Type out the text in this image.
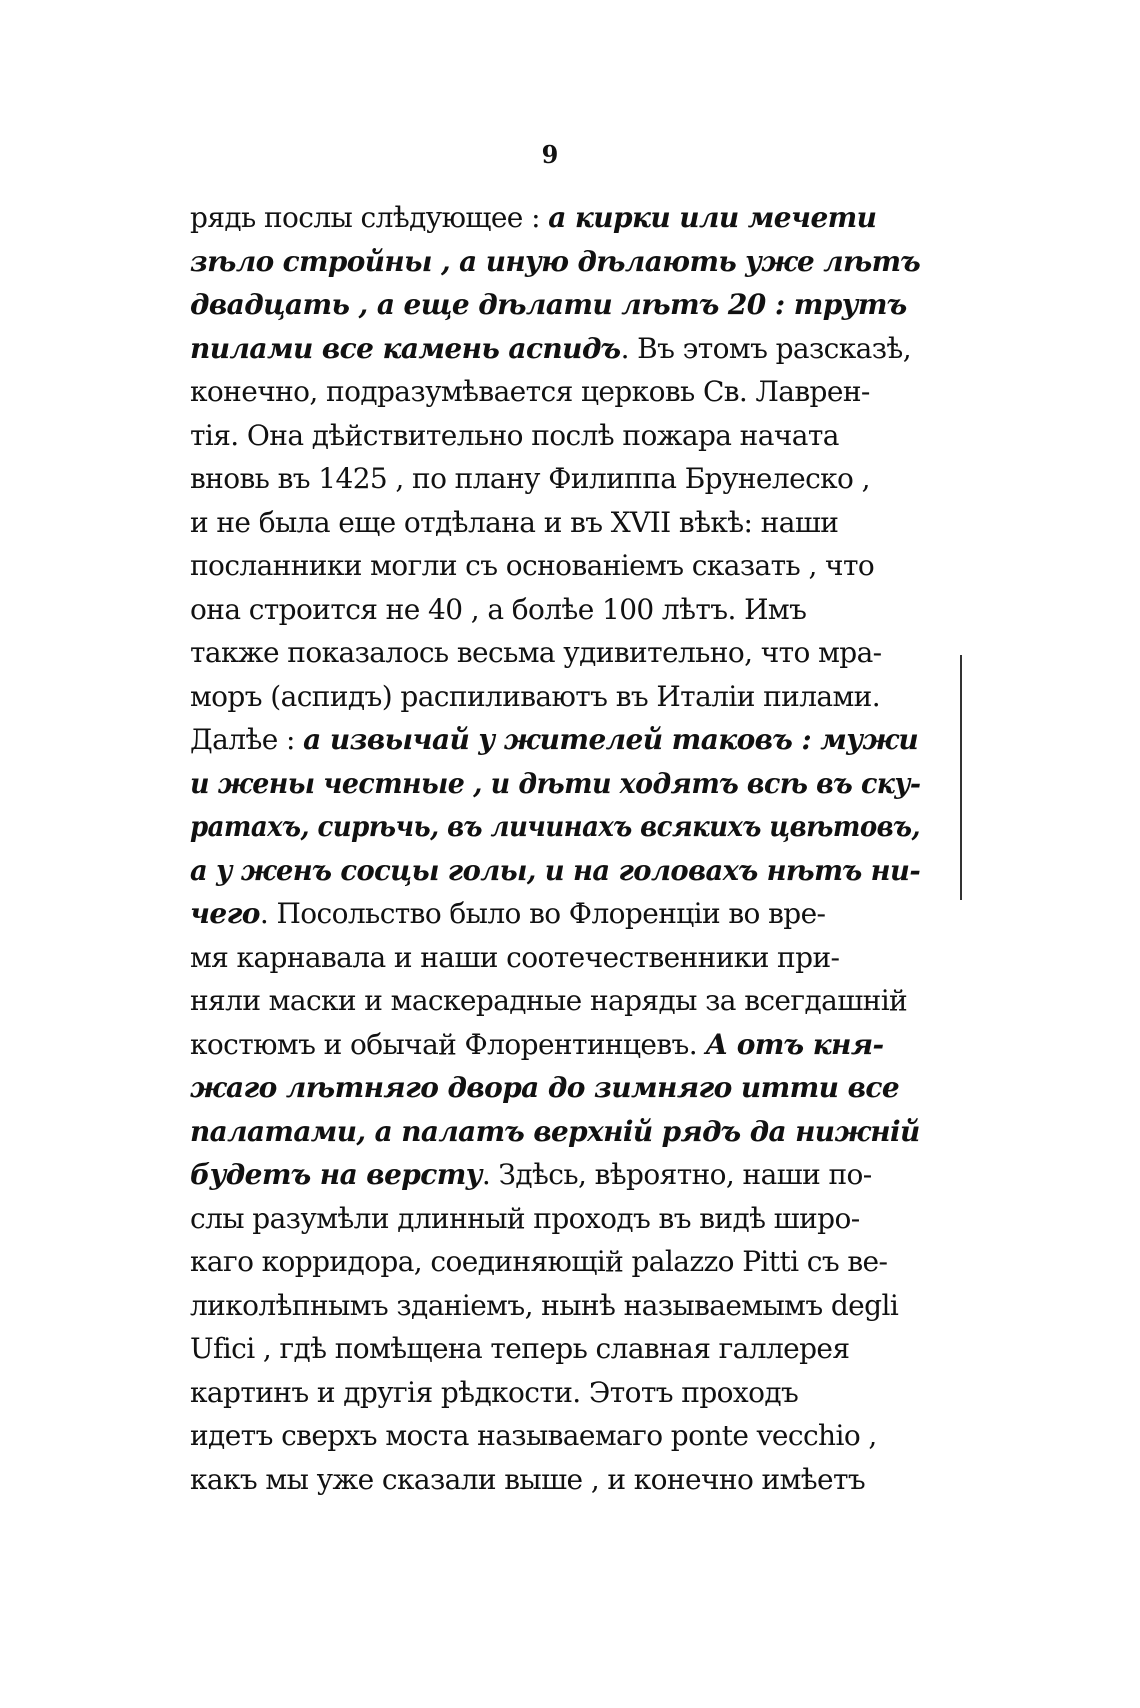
9
рядь послы слѣдующее : а кирки или мечети
зѣло стройны , а иную дѣлають уже лѣтъ
двадцать , а еще дѣлати лѣтъ 20 : трутъ
пилами все камень аспидъ. Въ этомъ разсказѣ,
конечно, подразумѣвается церковь Св. Лаврен-
тія. Она дѣйствительно послѣ пожара начата
вновь въ 1425 , по плану Филиппа Брунелеско ,
и не была еще отдѣлана и въ XVII вѣкѣ: наши
посланники могли съ основаніемъ сказать , что
она строится не 40 , а болѣе 100 лѣтъ. Имъ
также показалось весьма удивительно, что мра-
моръ (аспидъ) распиливаютъ въ Италіи пилами.
Далѣе : а извычай у жителей таковъ : мужи
и жены честные , и дѣти ходятъ всѣ въ ску-
ратахъ, сирѣчь, въ личинахъ всякихъ цвѣтовъ,
а у женъ сосцы голы, и на головахъ нѣтъ ни-
чего. Посольство было во Флоренціи во вре-
мя карнавала и наши соотечественники при-
няли маски и маскерадные наряды за всегдашній
костюмъ и обычай Флорентинцевъ. А отъ кня-
жаго лѣтняго двора до зимняго итти все
палатами, а палатъ верхній рядъ да нижній
будетъ на версту. Здѣсь, вѣроятно, наши по-
слы разумѣли длинный проходъ въ видѣ широ-
каго корридора, соединяющій palazzo Pitti съ ве-
ликолѣпнымъ зданіемъ, нынѣ называемымъ degli
Ufici , гдѣ помѣщена теперь славная галлерея
картинъ и другія рѣдкости. Этотъ проходъ
идетъ сверхъ моста называемаго ponte vecchio ,
какъ мы уже сказали выше , и конечно имѣетъ
